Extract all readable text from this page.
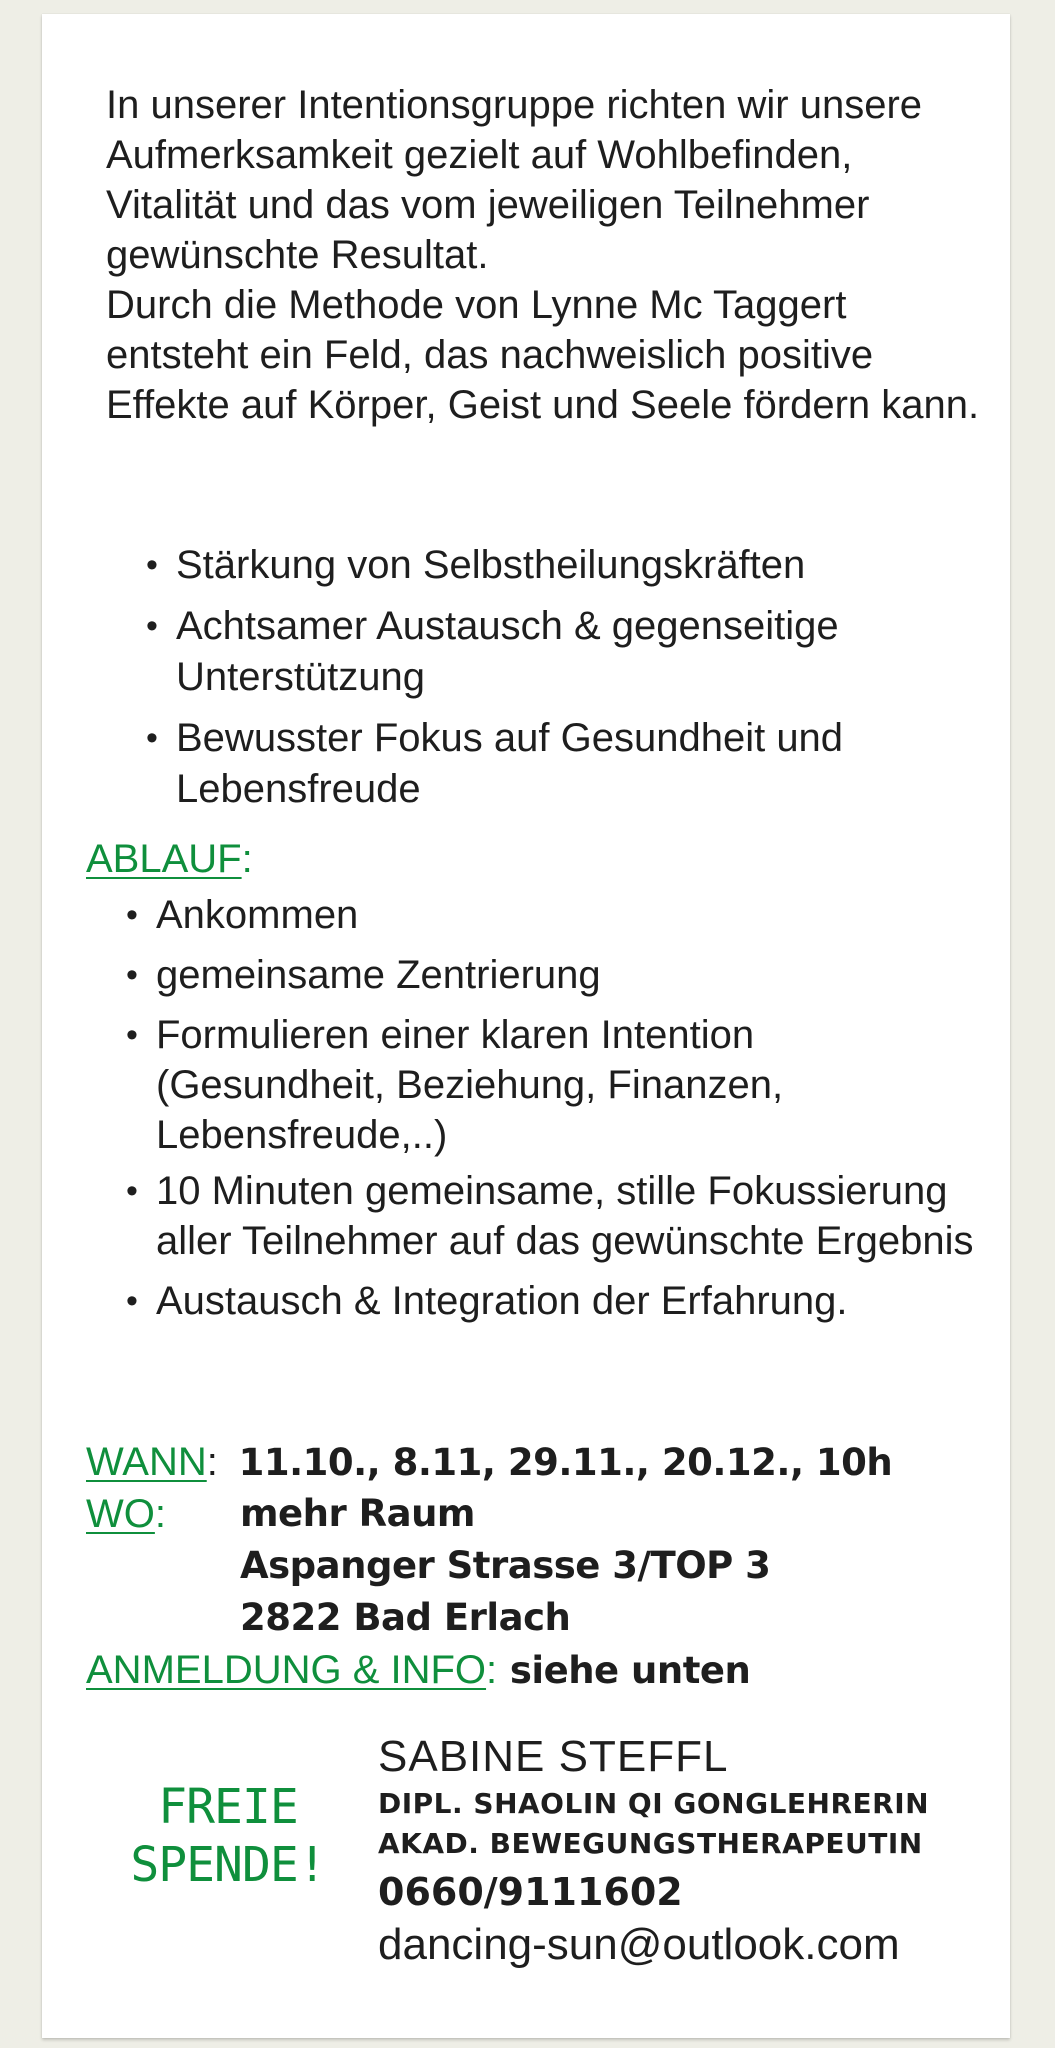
In unserer Intentionsgruppe richten wir unsere Aufmerksamkeit gezielt auf Wohlbefinden, Vitalität und das vom jeweiligen Teilnehmer gewünschte Resultat.

Durch die Methode von Lynne Mc Taggert entsteht ein Feld, das nachweislich positive Effekte auf Körper, Geist und Seele fördern kann.

• Stärkung von Selbstheilungskräften
• Achtsamer Austausch & gegenseitige Unterstützung
• Bewusster Fokus auf Gesundheit und Lebensfreude
ABLAUF:
• Ankommen
• gemeinsame Zentrierung
• Formulieren einer klaren Intention (Gesundheit, Beziehung, Finanzen, Lebensfreude,..)
• 10 Minuten gemeinsame, stille Fokussierung aller Teilnehmer auf das gewünschte Ergebnis
• Austausch & Integration der Erfahrung.
WANN: 11.10., 8.11, 29.11., 20.12., 10h
WO: mehr Raum
Aspanger Strasse 3/TOP 3
2822 Bad Erlach
ANMELDUNG & INFO: siehe unten
FREIE
SPENDE!
SABINE STEFFL
DIPL. SHAOLIN QI GONGLEHRERIN
AKAD. BEWEGUNGSTHERAPEUTIN
0660/9111602
dancing-sun@outlook.com
